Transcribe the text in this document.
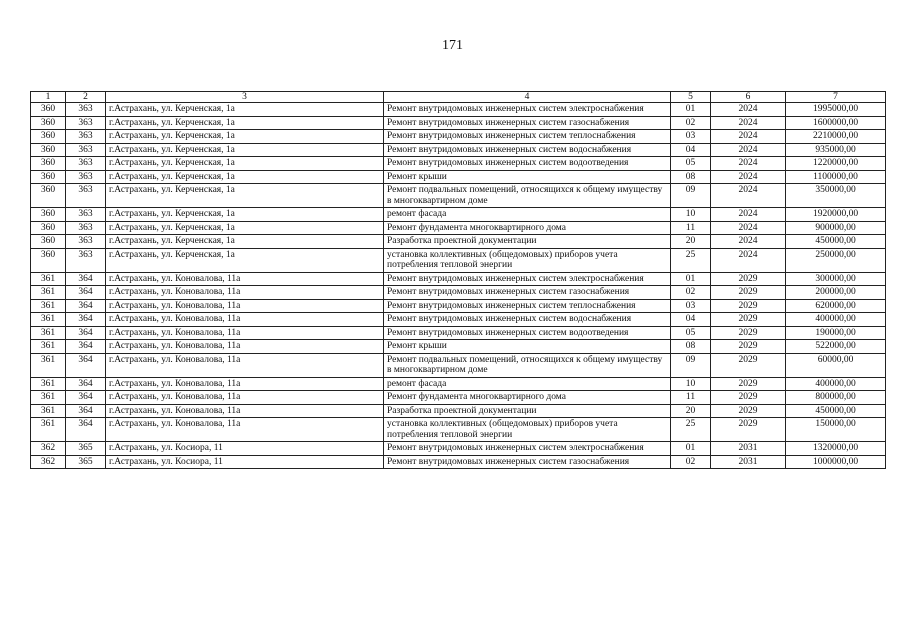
171
1	2	3	4	5	6	7
360	363	г.Астрахань, ул. Керченская, 1а	Ремонт внутридомовых инженерных систем электроснабжения	01	2024	1995000,00
360	363	г.Астрахань, ул. Керченская, 1а	Ремонт внутридомовых инженерных систем газоснабжения	02	2024	1600000,00
360	363	г.Астрахань, ул. Керченская, 1а	Ремонт внутридомовых инженерных систем теплоснабжения	03	2024	2210000,00
360	363	г.Астрахань, ул. Керченская, 1а	Ремонт внутридомовых инженерных систем водоснабжения	04	2024	935000,00
360	363	г.Астрахань, ул. Керченская, 1а	Ремонт внутридомовых инженерных систем водоотведения	05	2024	1220000,00
360	363	г.Астрахань, ул. Керченская, 1а	Ремонт крыши	08	2024	1100000,00
360	363	г.Астрахань, ул. Керченская, 1а	Ремонт подвальных помещений, относящихся к общему имуществу в многоквартирном доме	09	2024	350000,00
360	363	г.Астрахань, ул. Керченская, 1а	ремонт фасада	10	2024	1920000,00
360	363	г.Астрахань, ул. Керченская, 1а	Ремонт фундамента многоквартирного дома	11	2024	900000,00
360	363	г.Астрахань, ул. Керченская, 1а	Разработка проектной документации	20	2024	450000,00
360	363	г.Астрахань, ул. Керченская, 1а	установка коллективных (общедомовых) приборов учета потребления тепловой энергии	25	2024	250000,00
361	364	г.Астрахань, ул. Коновалова, 11а	Ремонт внутридомовых инженерных систем электроснабжения	01	2029	300000,00
361	364	г.Астрахань, ул. Коновалова, 11а	Ремонт внутридомовых инженерных систем газоснабжения	02	2029	200000,00
361	364	г.Астрахань, ул. Коновалова, 11а	Ремонт внутридомовых инженерных систем теплоснабжения	03	2029	620000,00
361	364	г.Астрахань, ул. Коновалова, 11а	Ремонт внутридомовых инженерных систем водоснабжения	04	2029	400000,00
361	364	г.Астрахань, ул. Коновалова, 11а	Ремонт внутридомовых инженерных систем водоотведения	05	2029	190000,00
361	364	г.Астрахань, ул. Коновалова, 11а	Ремонт крыши	08	2029	522000,00
361	364	г.Астрахань, ул. Коновалова, 11а	Ремонт подвальных помещений, относящихся к общему имуществу в многоквартирном доме	09	2029	60000,00
361	364	г.Астрахань, ул. Коновалова, 11а	ремонт фасада	10	2029	400000,00
361	364	г.Астрахань, ул. Коновалова, 11а	Ремонт фундамента многоквартирного дома	11	2029	800000,00
361	364	г.Астрахань, ул. Коновалова, 11а	Разработка проектной документации	20	2029	450000,00
361	364	г.Астрахань, ул. Коновалова, 11а	установка коллективных (общедомовых) приборов учета потребления тепловой энергии	25	2029	150000,00
362	365	г.Астрахань, ул. Косиора, 11	Ремонт внутридомовых инженерных систем электроснабжения	01	2031	1320000,00
362	365	г.Астрахань, ул. Косиора, 11	Ремонт внутридомовых инженерных систем газоснабжения	02	2031	1000000,00
